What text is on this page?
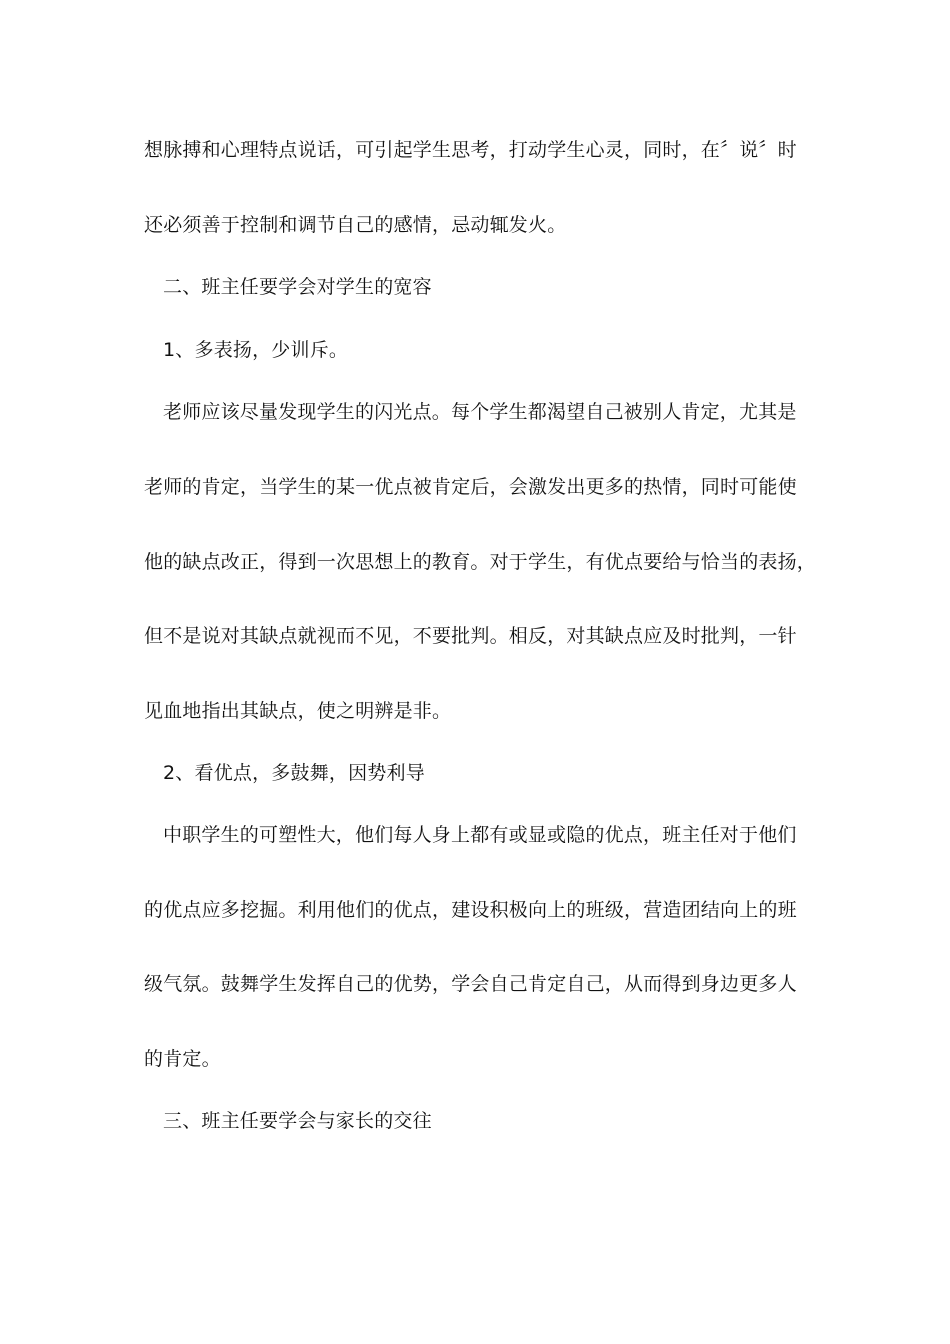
想脉搏和心理特点说话，可引起学生思考，打动学生心灵，同时，在〞说〞时
还必须善于控制和调节自己的感情，忌动辄发火。
二、班主任要学会对学生的宽容
1、多表扬，少训斥。
老师应该尽量发现学生的闪光点。每个学生都渴望自己被别人肯定，尤其是
老师的肯定，当学生的某一优点被肯定后，会激发出更多的热情，同时可能使
他的缺点改正，得到一次思想上的教育。对于学生，有优点要给与恰当的表扬，
但不是说对其缺点就视而不见，不要批判。相反，对其缺点应及时批判，一针
见血地指出其缺点，使之明辨是非。
2、看优点，多鼓舞，因势利导
中职学生的可塑性大，他们每人身上都有或显或隐的优点，班主任对于他们
的优点应多挖掘。利用他们的优点，建设积极向上的班级，营造团结向上的班
级气氛。鼓舞学生发挥自己的优势，学会自己肯定自己，从而得到身边更多人
的肯定。
三、班主任要学会与家长的交往
